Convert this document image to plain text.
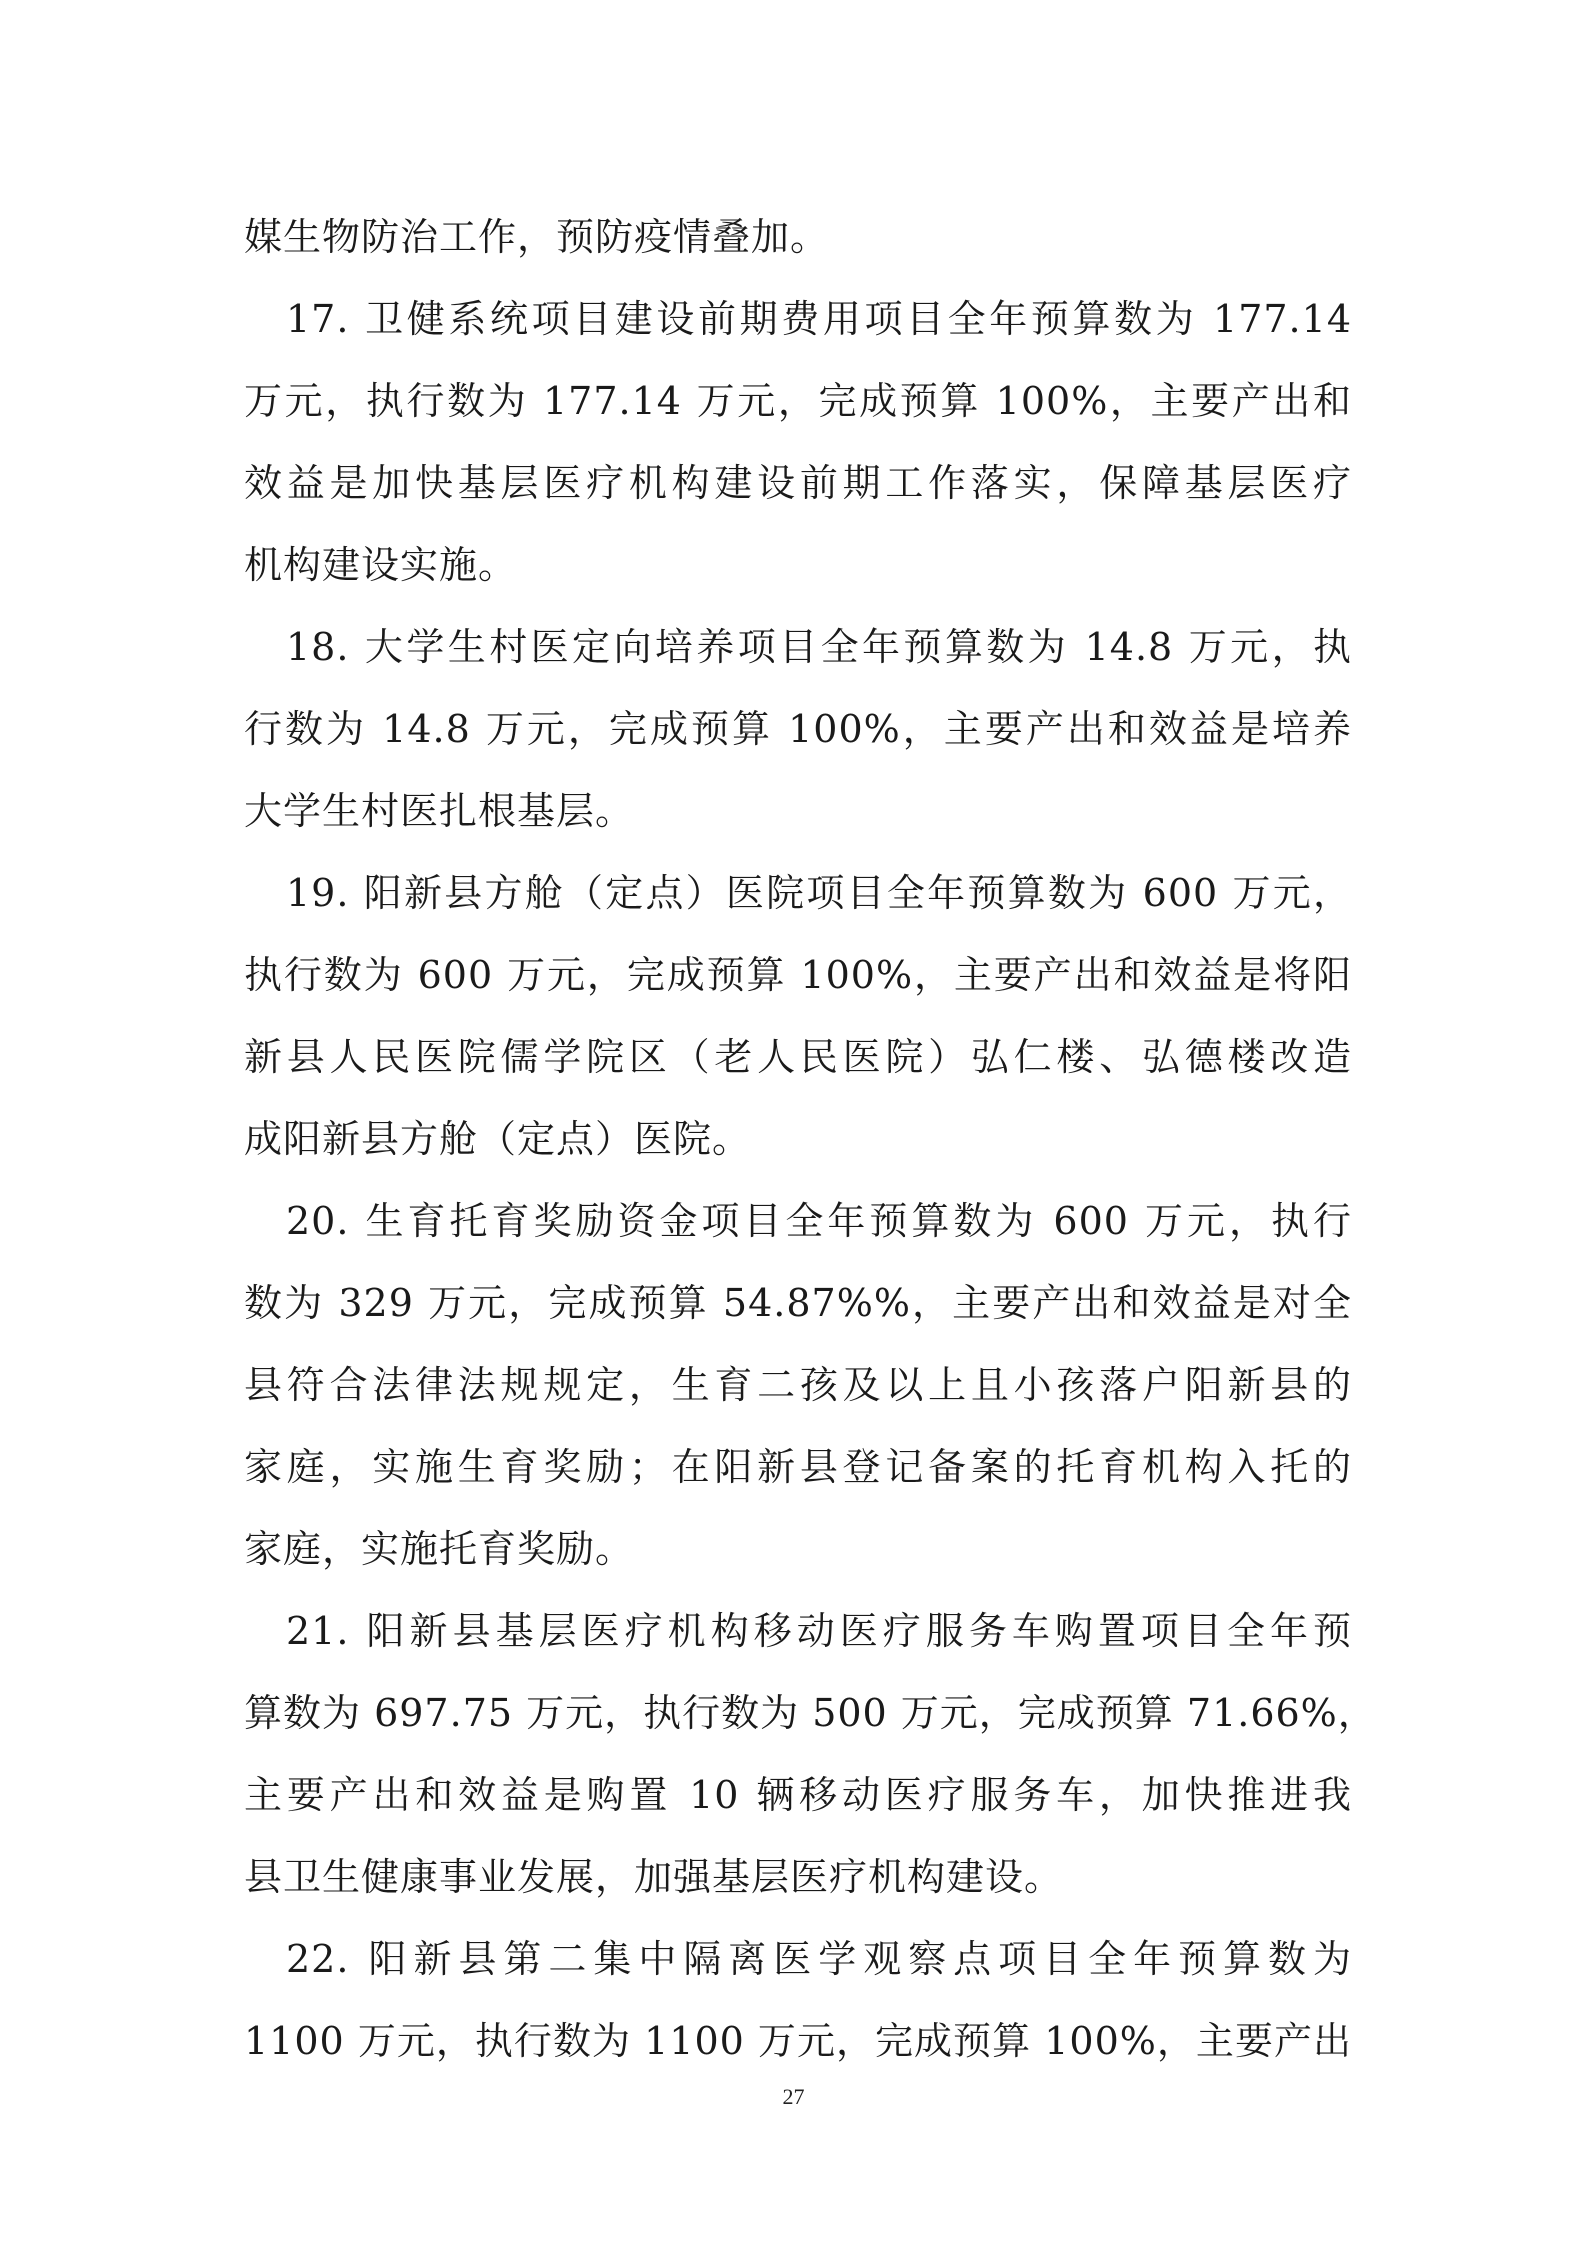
媒生物防治工作，预防疫情叠加。
17. 卫健系统项目建设前期费用项目全年预算数为 177.14
万元，执行数为 177.14 万元，完成预算 100%，主要产出和
效益是加快基层医疗机构建设前期工作落实，保障基层医疗
机构建设实施。
18. 大学生村医定向培养项目全年预算数为 14.8 万元，执
行数为 14.8 万元，完成预算 100%，主要产出和效益是培养
大学生村医扎根基层。
19. 阳新县方舱（定点）医院项目全年预算数为 600 万元，
执行数为 600 万元，完成预算 100%，主要产出和效益是将阳
新县人民医院儒学院区（老人民医院）弘仁楼、弘德楼改造
成阳新县方舱（定点）医院。
20. 生育托育奖励资金项目全年预算数为 600 万元，执行
数为 329 万元，完成预算 54.87%%，主要产出和效益是对全
县符合法律法规规定，生育二孩及以上且小孩落户阳新县的
家庭，实施生育奖励；在阳新县登记备案的托育机构入托的
家庭，实施托育奖励。
21. 阳新县基层医疗机构移动医疗服务车购置项目全年预
算数为 697.75 万元，执行数为 500 万元，完成预算 71.66%，
主要产出和效益是购置 10 辆移动医疗服务车，加快推进我
县卫生健康事业发展，加强基层医疗机构建设。
22. 阳新县第二集中隔离医学观察点项目全年预算数为
1100 万元，执行数为 1100 万元，完成预算 100%，主要产出
27
